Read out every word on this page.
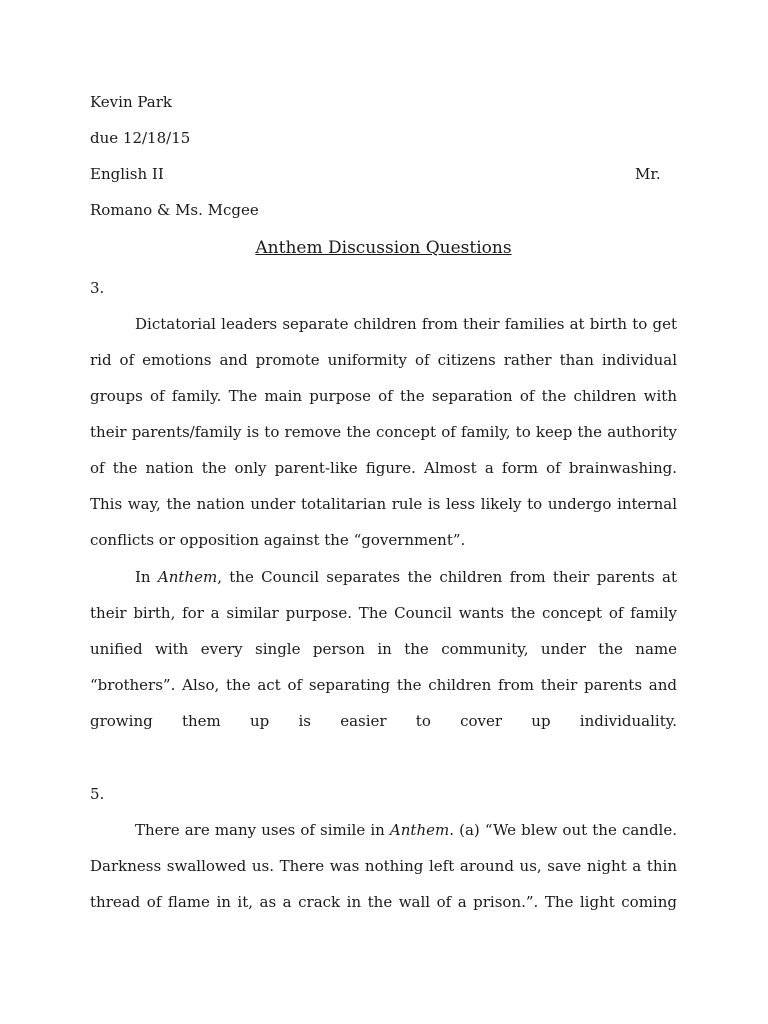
Kevin Park
due 12/18/15
English II	Mr.
Romano & Ms. Mcgee
Anthem Discussion Questions
3.
Dictatorial leaders separate children from their families at birth to get
rid of emotions and promote uniformity of citizens rather than individual
groups of family. The main purpose of the separation of the children with
their parents/family is to remove the concept of family, to keep the authority
of the nation the only parent-like figure. Almost a form of brainwashing.
This way, the nation under totalitarian rule is less likely to undergo internal
conflicts or opposition against the “government”.
In Anthem, the Council separates the children from their parents at
their birth, for a similar purpose. The Council wants the concept of family
unified with every single person in the community, under the name
“brothers”. Also, the act of separating the children from their parents and
growing them up is easier to cover up individuality.
5.
There are many uses of simile in Anthem. (a) “We blew out the candle.
Darkness swallowed us. There was nothing left around us, save night a thin
thread of flame in it, as a crack in the wall of a prison.”. The light coming
